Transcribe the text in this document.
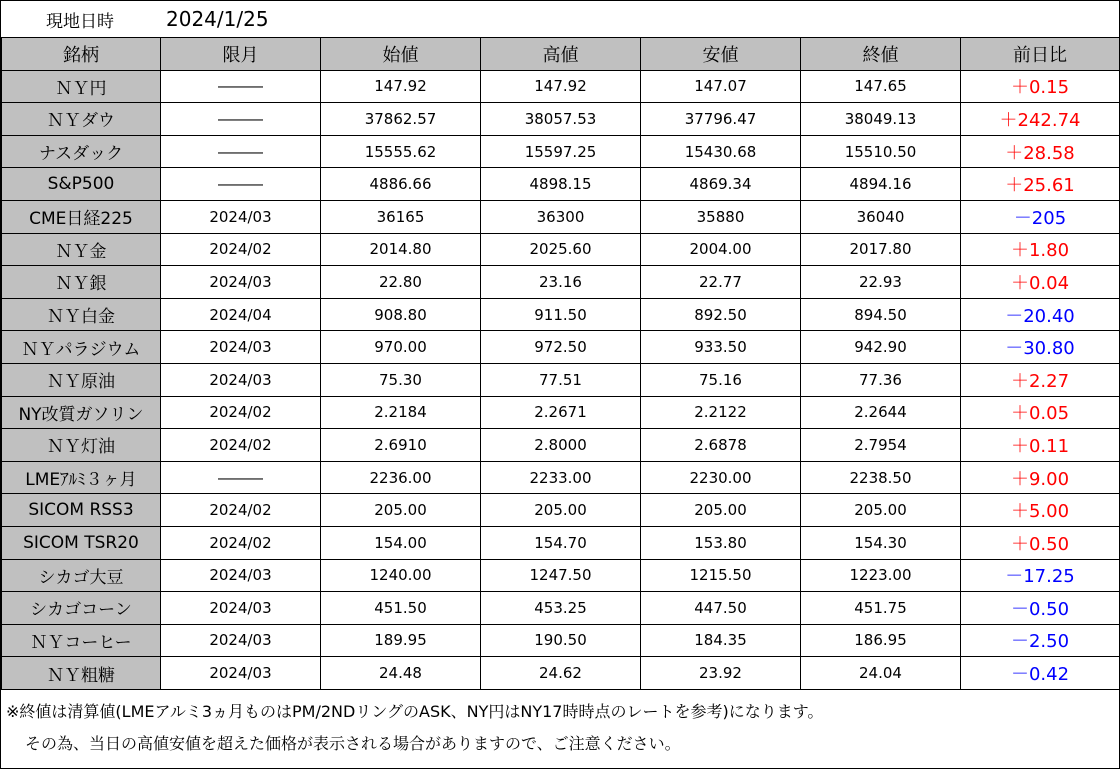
現地日時	2024/1/25
銘柄	限月	始値	高値	安値	終値	前日比
ＮＹ円	―――	147.92	147.92	147.07	147.65	＋0.15
ＮＹダウ	―――	37862.57	38057.53	37796.47	38049.13	＋242.74
ナスダック	―――	15555.62	15597.25	15430.68	15510.50	＋28.58
S&P500	―――	4886.66	4898.15	4869.34	4894.16	＋25.61
CME日経225	2024/03	36165	36300	35880	36040	－205
ＮＹ金	2024/02	2014.80	2025.60	2004.00	2017.80	＋1.80
ＮＹ銀	2024/03	22.80	23.16	22.77	22.93	＋0.04
ＮＹ白金	2024/04	908.80	911.50	892.50	894.50	－20.40
ＮＹパラジウム	2024/03	970.00	972.50	933.50	942.90	－30.80
ＮＹ原油	2024/03	75.30	77.51	75.16	77.36	＋2.27
NY改質ガソリン	2024/02	2.2184	2.2671	2.2122	2.2644	＋0.05
ＮＹ灯油	2024/02	2.6910	2.8000	2.6878	2.7954	＋0.11
LMEｱﾙﾐ３ヶ月	―――	2236.00	2233.00	2230.00	2238.50	＋9.00
SICOM RSS3	2024/02	205.00	205.00	205.00	205.00	＋5.00
SICOM TSR20	2024/02	154.00	154.70	153.80	154.30	＋0.50
シカゴ大豆	2024/03	1240.00	1247.50	1215.50	1223.00	－17.25
シカゴコーン	2024/03	451.50	453.25	447.50	451.75	－0.50
ＮＹコーヒー	2024/03	189.95	190.50	184.35	186.95	－2.50
ＮＹ粗糖	2024/03	24.48	24.62	23.92	24.04	－0.42
※終値は清算値(LMEアルミ3ヵ月ものはPM/2NDリングのASK、NY円はNY17時時点のレートを参考)になります。
その為、当日の高値安値を超えた価格が表示される場合がありますので、ご注意ください。
